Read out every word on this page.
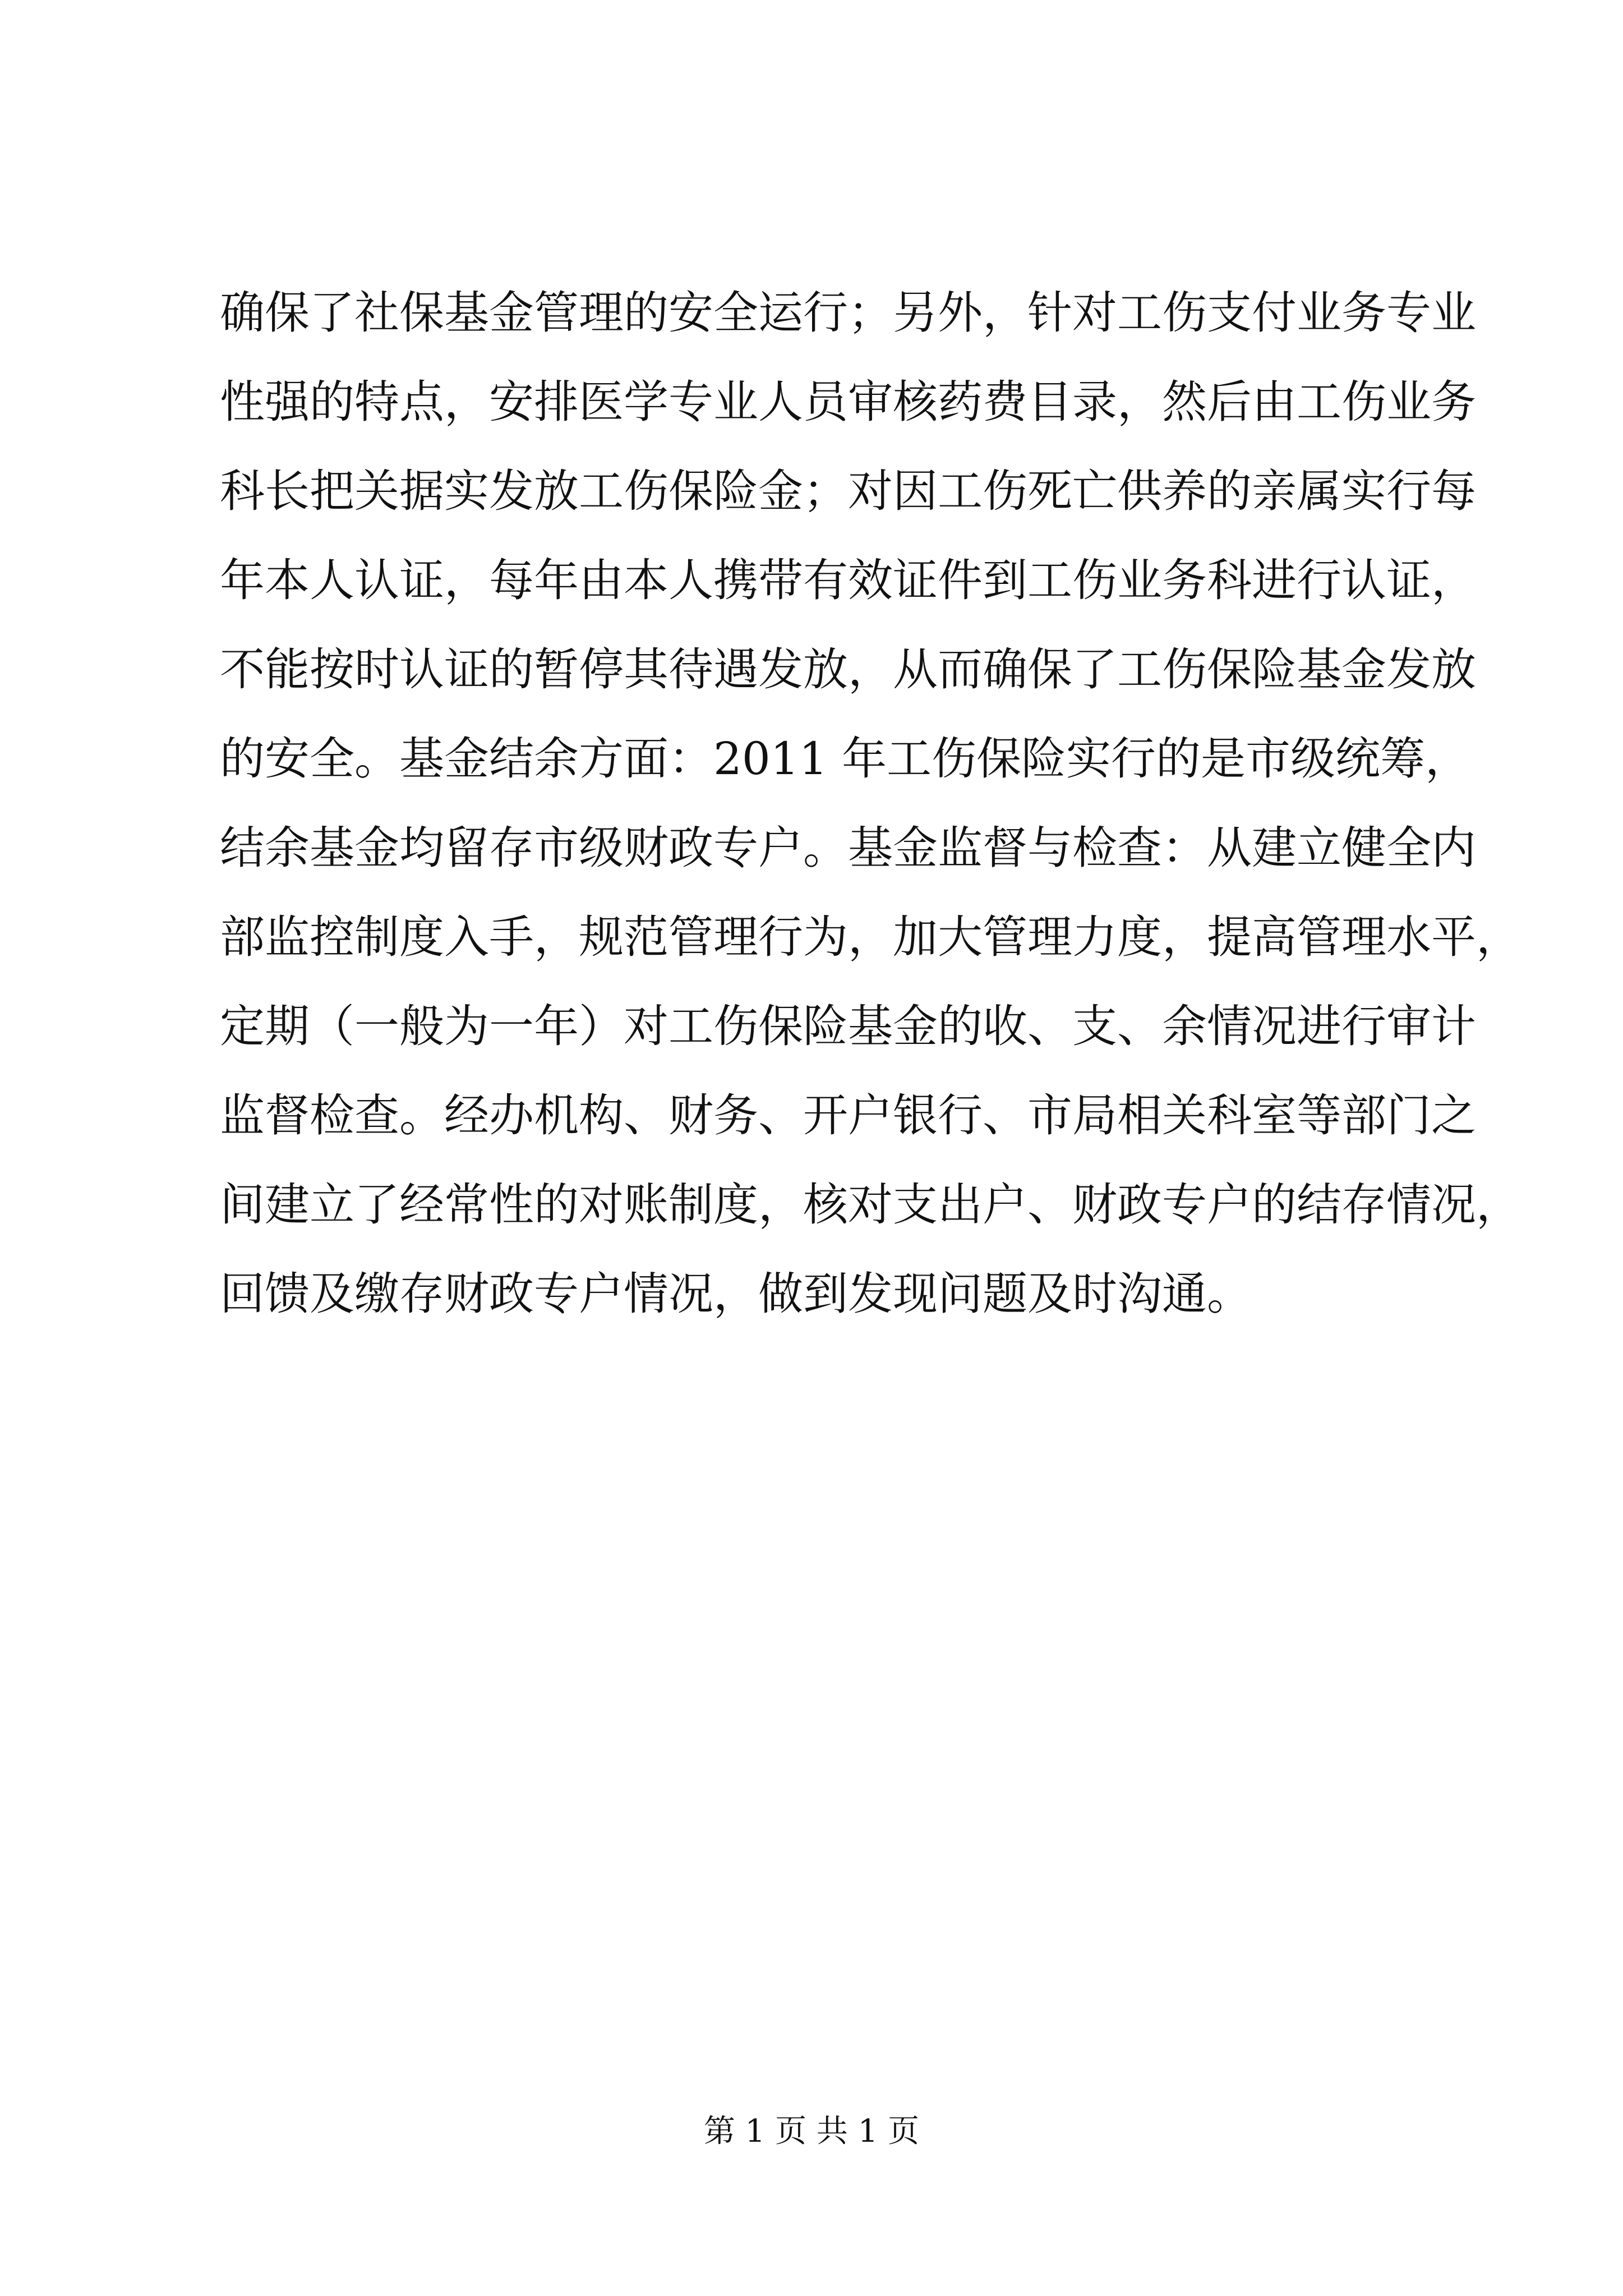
确保了社保基金管理的安全运行；另外，针对工伤支付业务专业
性强的特点，安排医学专业人员审核药费目录，然后由工伤业务
科长把关据实发放工伤保险金；对因工伤死亡供养的亲属实行每
年本人认证，每年由本人携带有效证件到工伤业务科进行认证，
不能按时认证的暂停其待遇发放，从而确保了工伤保险基金发放
的安全。基金结余方面：2011 年工伤保险实行的是市级统筹，
结余基金均留存市级财政专户。基金监督与检查：从建立健全内
部监控制度入手，规范管理行为，加大管理力度，提高管理水平，
定期（一般为一年）对工伤保险基金的收、支、余情况进行审计
监督检查。经办机构、财务、开户银行、市局相关科室等部门之
间建立了经常性的对账制度，核对支出户、财政专户的结存情况，
回馈及缴存财政专户情况，做到发现问题及时沟通。
第 1 页 共 1 页
